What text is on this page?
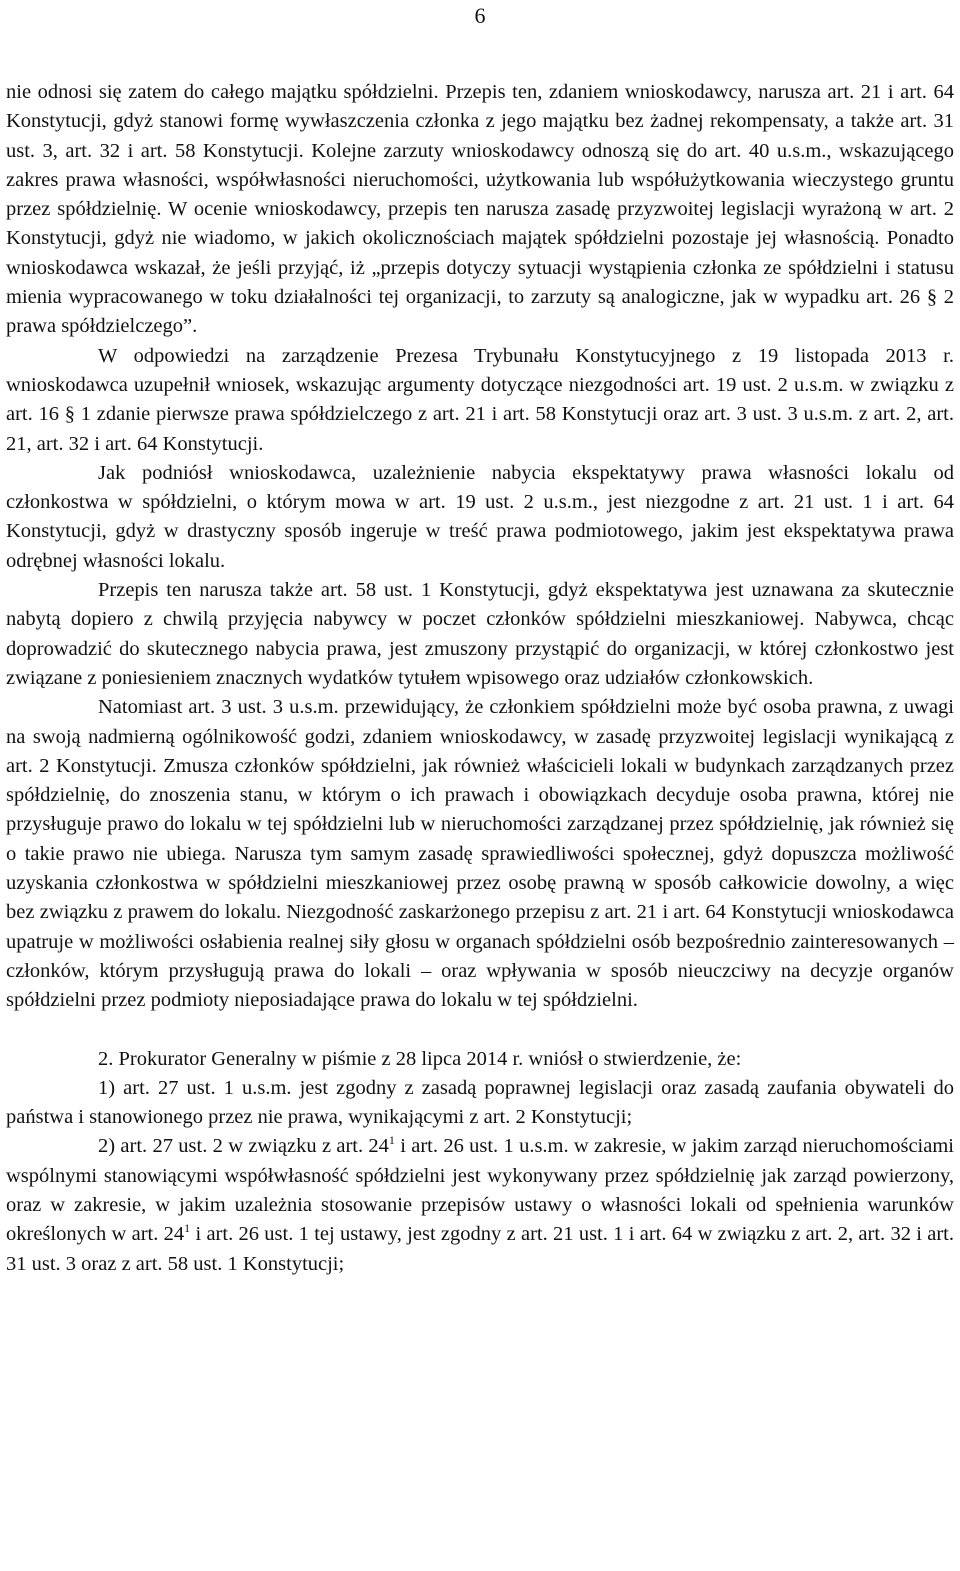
6

nie odnosi się zatem do całego majątku spółdzielni. Przepis ten, zdaniem wnioskodawcy, narusza art. 21 i art. 64 Konstytucji, gdyż stanowi formę wywłaszczenia członka z jego majątku bez żadnej rekompensaty, a także art. 31 ust. 3, art. 32 i art. 58 Konstytucji. Kolejne zarzuty wnioskodawcy odnoszą się do art. 40 u.s.m., wskazującego zakres prawa własności, współwłasności nieruchomości, użytkowania lub współużytkowania wieczystego gruntu przez spółdzielnię. W ocenie wnioskodawcy, przepis ten narusza zasadę przyzwoitej legislacji wyrażoną w art. 2 Konstytucji, gdyż nie wiadomo, w jakich okolicznościach majątek spółdzielni pozostaje jej własnością. Ponadto wnioskodawca wskazał, że jeśli przyjąć, iż „przepis dotyczy sytuacji wystąpienia członka ze spółdzielni i statusu mienia wypracowanego w toku działalności tej organizacji, to zarzuty są analogiczne, jak w wypadku art. 26 § 2 prawa spółdzielczego”.

W odpowiedzi na zarządzenie Prezesa Trybunału Konstytucyjnego z 19 listopada 2013 r. wnioskodawca uzupełnił wniosek, wskazując argumenty dotyczące niezgodności art. 19 ust. 2 u.s.m. w związku z art. 16 § 1 zdanie pierwsze prawa spółdzielczego z art. 21 i art. 58 Konstytucji oraz art. 3 ust. 3 u.s.m. z art. 2, art. 21, art. 32 i art. 64 Konstytucji.

Jak podniósł wnioskodawca, uzależnienie nabycia ekspektatywy prawa własności lokalu od członkostwa w spółdzielni, o którym mowa w art. 19 ust. 2 u.s.m., jest niezgodne z art. 21 ust. 1 i art. 64 Konstytucji, gdyż w drastyczny sposób ingeruje w treść prawa podmiotowego, jakim jest ekspektatywa prawa odrębnej własności lokalu.

Przepis ten narusza także art. 58 ust. 1 Konstytucji, gdyż ekspektatywa jest uznawana za skutecznie nabytą dopiero z chwilą przyjęcia nabywcy w poczet członków spółdzielni mieszkaniowej. Nabywca, chcąc doprowadzić do skutecznego nabycia prawa, jest zmuszony przystąpić do organizacji, w której członkostwo jest związane z poniesieniem znacznych wydatków tytułem wpisowego oraz udziałów członkowskich.

Natomiast art. 3 ust. 3 u.s.m. przewidujący, że członkiem spółdzielni może być osoba prawna, z uwagi na swoją nadmierną ogólnikowość godzi, zdaniem wnioskodawcy, w zasadę przyzwoitej legislacji wynikającą z art. 2 Konstytucji. Zmusza członków spółdzielni, jak również właścicieli lokali w budynkach zarządzanych przez spółdzielnię, do znoszenia stanu, w którym o ich prawach i obowiązkach decyduje osoba prawna, której nie przysługuje prawo do lokalu w tej spółdzielni lub w nieruchomości zarządzanej przez spółdzielnię, jak również się o takie prawo nie ubiega. Narusza tym samym zasadę sprawiedliwości społecznej, gdyż dopuszcza możliwość uzyskania członkostwa w spółdzielni mieszkaniowej przez osobę prawną w sposób całkowicie dowolny, a więc bez związku z prawem do lokalu. Niezgodność zaskarżonego przepisu z art. 21 i art. 64 Konstytucji wnioskodawca upatruje w możliwości osłabienia realnej siły głosu w organach spółdzielni osób bezpośrednio zainteresowanych – członków, którym przysługują prawa do lokali – oraz wpływania w sposób nieuczciwy na decyzje organów spółdzielni przez podmioty nieposiadające prawa do lokalu w tej spółdzielni.

2. Prokurator Generalny w piśmie z 28 lipca 2014 r. wniósł o stwierdzenie, że:

1) art. 27 ust. 1 u.s.m. jest zgodny z zasadą poprawnej legislacji oraz zasadą zaufania obywateli do państwa i stanowionego przez nie prawa, wynikającymi z art. 2 Konstytucji;

2) art. 27 ust. 2 w związku z art. $24^1$ i art. 26 ust. 1 u.s.m. w zakresie, w jakim zarząd nieruchomościami wspólnymi stanowiącymi współwłasność spółdzielni jest wykonywany przez spółdzielnię jak zarząd powierzony, oraz w zakresie, w jakim uzależnia stosowanie przepisów ustawy o własności lokali od spełnienia warunków określonych w art. $24^1$ i art. 26 ust. 1 tej ustawy, jest zgodny z art. 21 ust. 1 i art. 64 w związku z art. 2, art. 32 i art. 31 ust. 3 oraz z art. 58 ust. 1 Konstytucji;
